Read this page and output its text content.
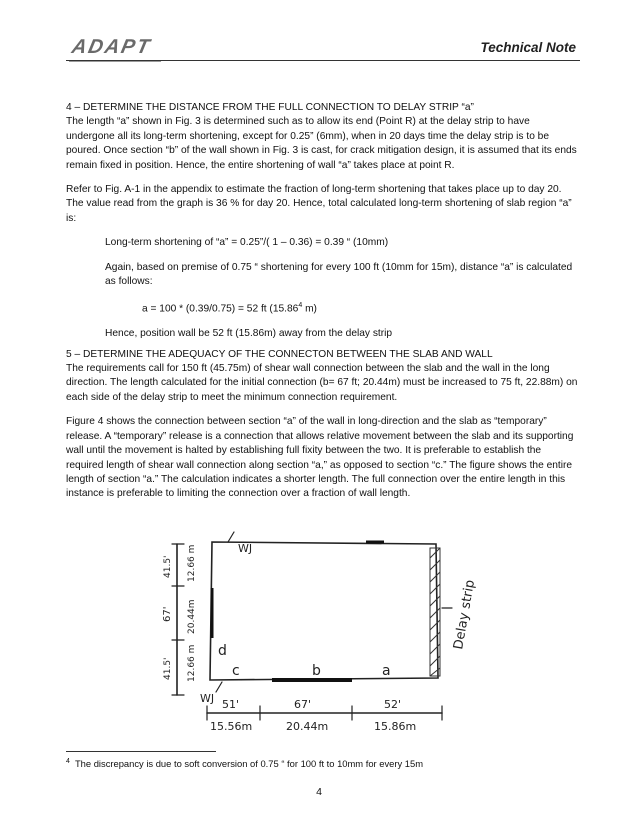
ADAPT	Technical Note

4 – DETERMINE THE DISTANCE FROM THE FULL CONNECTION TO DELAY STRIP “a”

The length “a” shown in Fig. 3 is determined such as to allow its end (Point R) at the delay strip to have undergone all its long-term shortening, except for 0.25” (6mm), when in 20 days time the delay strip is to be poured. Once section “b” of the wall shown in Fig. 3 is cast, for crack mitigation design, it is assumed that its ends remain fixed in position. Hence, the entire shortening of wall “a” takes place at point R.

Refer to Fig. A-1 in the appendix to estimate the fraction of long-term shortening that takes place up to day 20. The value read from the graph is 36 % for day 20. Hence, total calculated long-term shortening of slab region “a” is:

Long-term shortening of “a” = 0.25”/( 1 – 0.36) = 0.39 “ (10mm)

Again, based on premise of 0.75 “ shortening for every 100 ft (10mm for 15m), distance “a” is calculated as follows:

a = 100 * (0.39/0.75) = 52 ft (15.86$^4$ m)

Hence, position wall be 52 ft (15.86m) away from the delay strip

5 – DETERMINE THE ADEQUACY OF THE CONNECTON BETWEEN THE SLAB AND WALL

The requirements call for 150 ft (45.75m) of shear wall connection between the slab and the wall in the long direction. The length calculated for the initial connection (b= 67 ft; 20.44m) must be increased to 75 ft, 22.88m) on each side of the delay strip to meet the minimum connection requirement.

Figure 4 shows the connection between section “a” of the wall in long-direction and the slab as “temporary” release. A “temporary” release is a connection that allows relative movement between the slab and its supporting wall until the movement is halted by establishing full fixity between the two. It is preferable to establish the required length of shear wall connection along section “a,” as opposed to section “c.” The figure shows the entire length of section “a.” The calculation indicates a shorter length. The full connection over the entire length in this instance is preferable to limiting the connection over a fraction of wall length.

WJ
WJ
d
c	b	a
Delay strip
41.5' 12.66 m
67' 20.44m
41.5' 12.66 m
51'	67'	52'
15.56m	20.44m	15.86m
$^4$ The discrepancy is due to soft conversion of 0.75 “ for 100 ft to 10mm for every 15m
4
